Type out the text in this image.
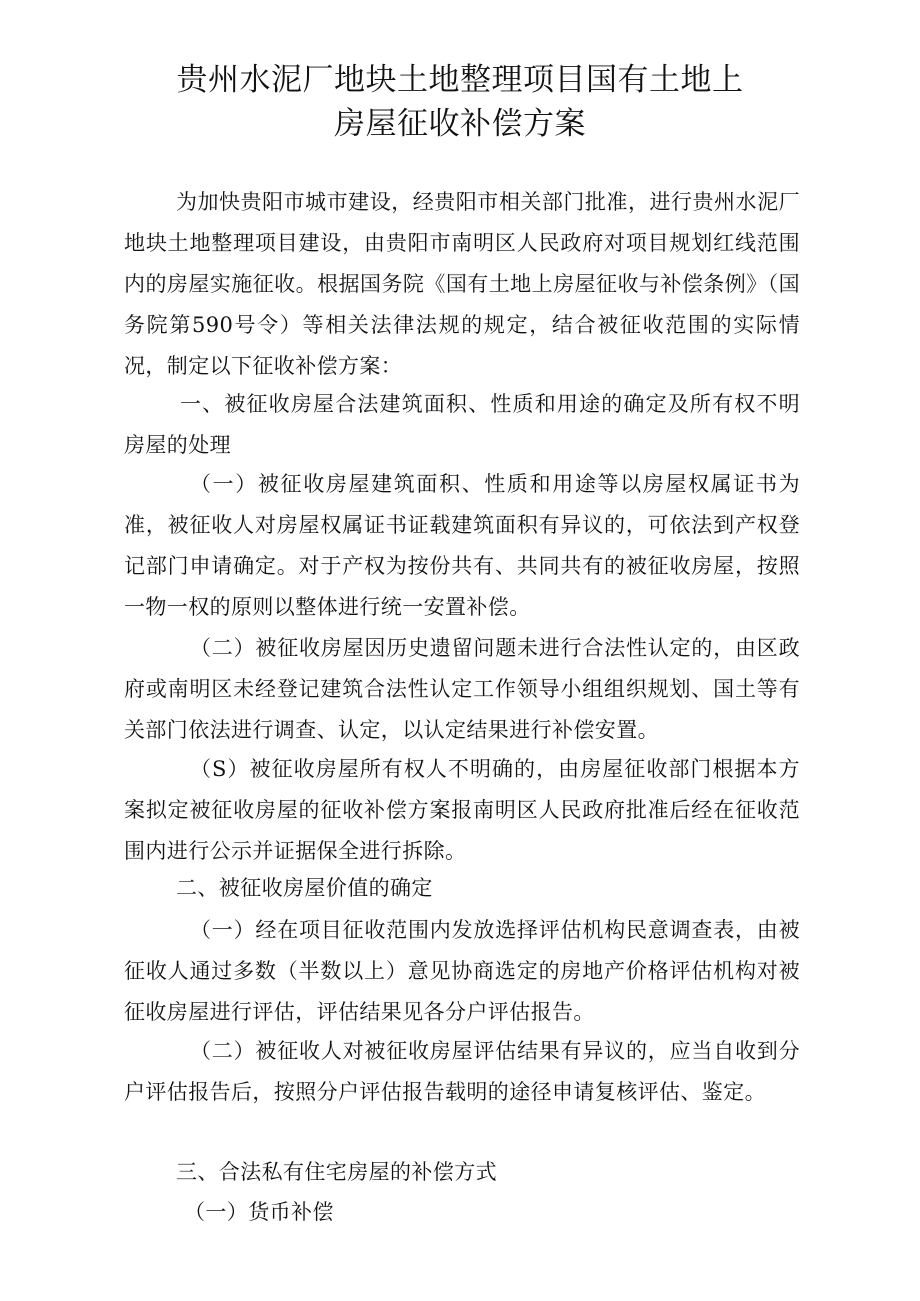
贵州水泥厂地块土地整理项目国有土地上
房屋征收补偿方案

为加快贵阳市城市建设，经贵阳市相关部门批准，进行贵州水泥厂地块土地整理项目建设，由贵阳市南明区人民政府对项目规划红线范围内的房屋实施征收。根据国务院《国有土地上房屋征收与补偿条例》（国务院第590号令）等相关法律法规的规定，结合被征收范围的实际情况，制定以下征收补偿方案：

一、被征收房屋合法建筑面积、性质和用途的确定及所有权不明房屋的处理

（一）被征收房屋建筑面积、性质和用途等以房屋权属证书为准，被征收人对房屋权属证书证载建筑面积有异议的，可依法到产权登记部门申请确定。对于产权为按份共有、共同共有的被征收房屋，按照一物一权的原则以整体进行统一安置补偿。

（二）被征收房屋因历史遗留问题未进行合法性认定的，由区政府或南明区未经登记建筑合法性认定工作领导小组组织规划、国土等有关部门依法进行调查、认定，以认定结果进行补偿安置。

（S）被征收房屋所有权人不明确的，由房屋征收部门根据本方案拟定被征收房屋的征收补偿方案报南明区人民政府批准后经在征收范围内进行公示并证据保全进行拆除。

二、被征收房屋价值的确定

（一）经在项目征收范围内发放选择评估机构民意调查表，由被征收人通过多数（半数以上）意见协商选定的房地产价格评估机构对被征收房屋进行评估，评估结果见各分户评估报告。

（二）被征收人对被征收房屋评估结果有异议的，应当自收到分户评估报告后，按照分户评估报告载明的途径申请复核评估、鉴定。

三、合法私有住宅房屋的补偿方式

（一）货币补偿
